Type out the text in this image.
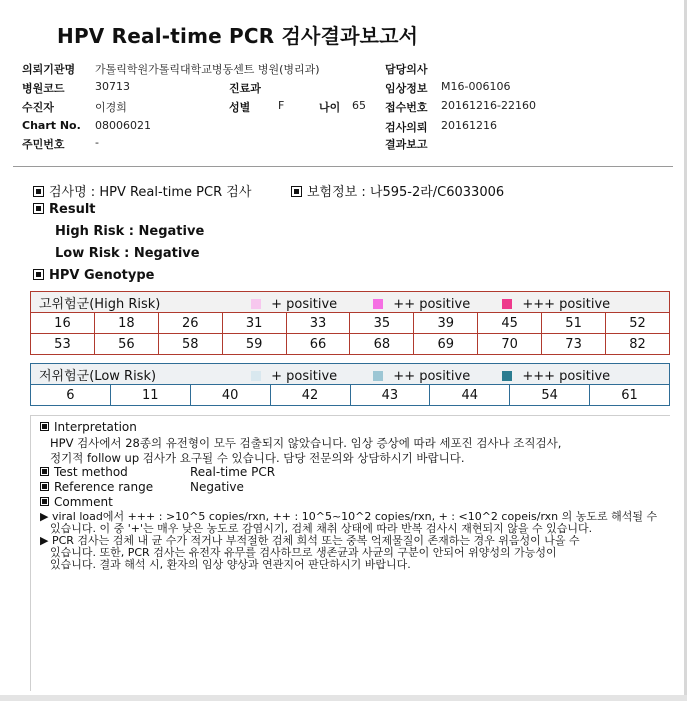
HPV Real-time PCR 검사결과보고서
의뢰기관명 가톨릭학원가톨릭대학교병동센트 병원(병리과)	담당의사
병원코드	30713	진료과	임상정보 M16-006106
수진자	이경희	성별	F	나이 65 접수번호 20161216-22160
Chart No. 08006021	검사의뢰 20161216
주민번호	-	결과보고
검사명 : HPV Real-time PCR 검사	보험정보 : 나595-2라/C6033006
Result
High Risk : Negative
Low Risk : Negative
HPV Genotype
고위험군(High Risk) + positive ++ positive +++ positive									
16	18	26	31	33	35	39	45	51	52
53	56	58	59	66	68	69	70	73	82
저위험군(Low Risk)	+ positive	++ positive	+++ positive
6	11	40	42	43	44	54	61
Interpretation
HPV 검사에서 28종의 유전형이 모두 검출되지 않았습니다. 임상 증상에 따라 세포진 검사나 조직검사,
정기적 follow up 검사가 요구될 수 있습니다. 담당 전문의와 상담하시기 바랍니다.
Test method	Real-time PCR
Reference range	Negative
Comment
▶ viral load에서 +++ : >10^5 copies/rxn, ++ : 10^5~10^2 copies/rxn, + : <10^2 copeis/rxn 의 농도로 해석될 수
있습니다. 이 중 '+'는 매우 낮은 농도로 감염시기, 검체 채취 상태에 따라 반복 검사시 재현되지 않을 수 있습니다.
▶ PCR 검사는 검체 내 균 수가 적거나 부적절한 검체 희석 또는 중복 억제물질이 존재하는 경우 위음성이 나올 수
있습니다. 또한, PCR 검사는 유전자 유무를 검사하므로 생존균과 사균의 구분이 안되어 위양성의 가능성이
있습니다. 결과 해석 시, 환자의 임상 양상과 연관지어 판단하시기 바랍니다.
